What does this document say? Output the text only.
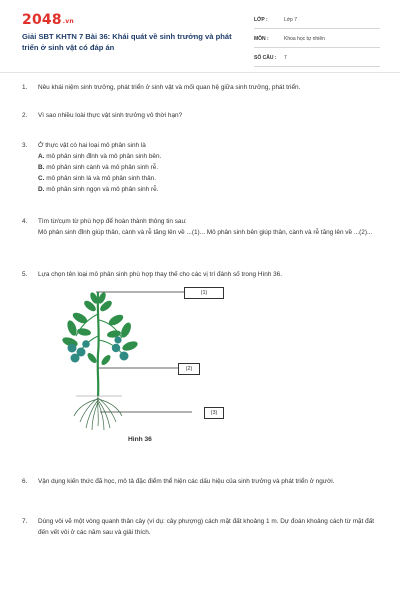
2048.vn
Giải SBT KHTN 7 Bài 36: Khái quát về sinh trưởng và phát triển ở sinh vật có đáp án
LỚP :	Lớp 7
MÔN :	Khoa học tự nhiên
SỐ CÂU : 7
1.	Nêu khái niệm sinh trưởng, phát triển ở sinh vật và mối quan hệ giữa sinh trưởng, phát triển.
2.	Vì sao nhiều loài thực vật sinh trưởng vô thời hạn?
3.	Ở thực vật có hai loại mô phân sinh là
A. mô phân sinh đỉnh và mô phân sinh bên.
B. mô phân sinh cành và mô phân sinh rễ.
C. mô phân sinh lá và mô phân sinh thân.
D. mô phân sinh ngọn và mô phân sinh rễ.
4.	Tìm từ/cụm từ phù hợp để hoàn thành thông tin sau:
Mô phân sinh đỉnh giúp thân, cành và rễ tăng lên về ...(1)... Mô phân sinh bên giúp thân, cành và rễ tăng lên về ...(2)...
5.	Lựa chọn tên loại mô phân sinh phù hợp thay thế cho các vị trí đánh số trong Hình 36.
(1)
(2)
(3)
Hình 36
6.	Vận dụng kiến thức đã học, mô tả đặc điểm thể hiện các dấu hiệu của sinh trưởng và phát triển ở người.
7.	Dùng vôi vẽ một vòng quanh thân cây (ví dụ: cây phượng) cách mặt đất khoảng 1 m. Dự đoán khoảng cách từ mặt đất đến vết vôi ở các năm sau và giải thích.
